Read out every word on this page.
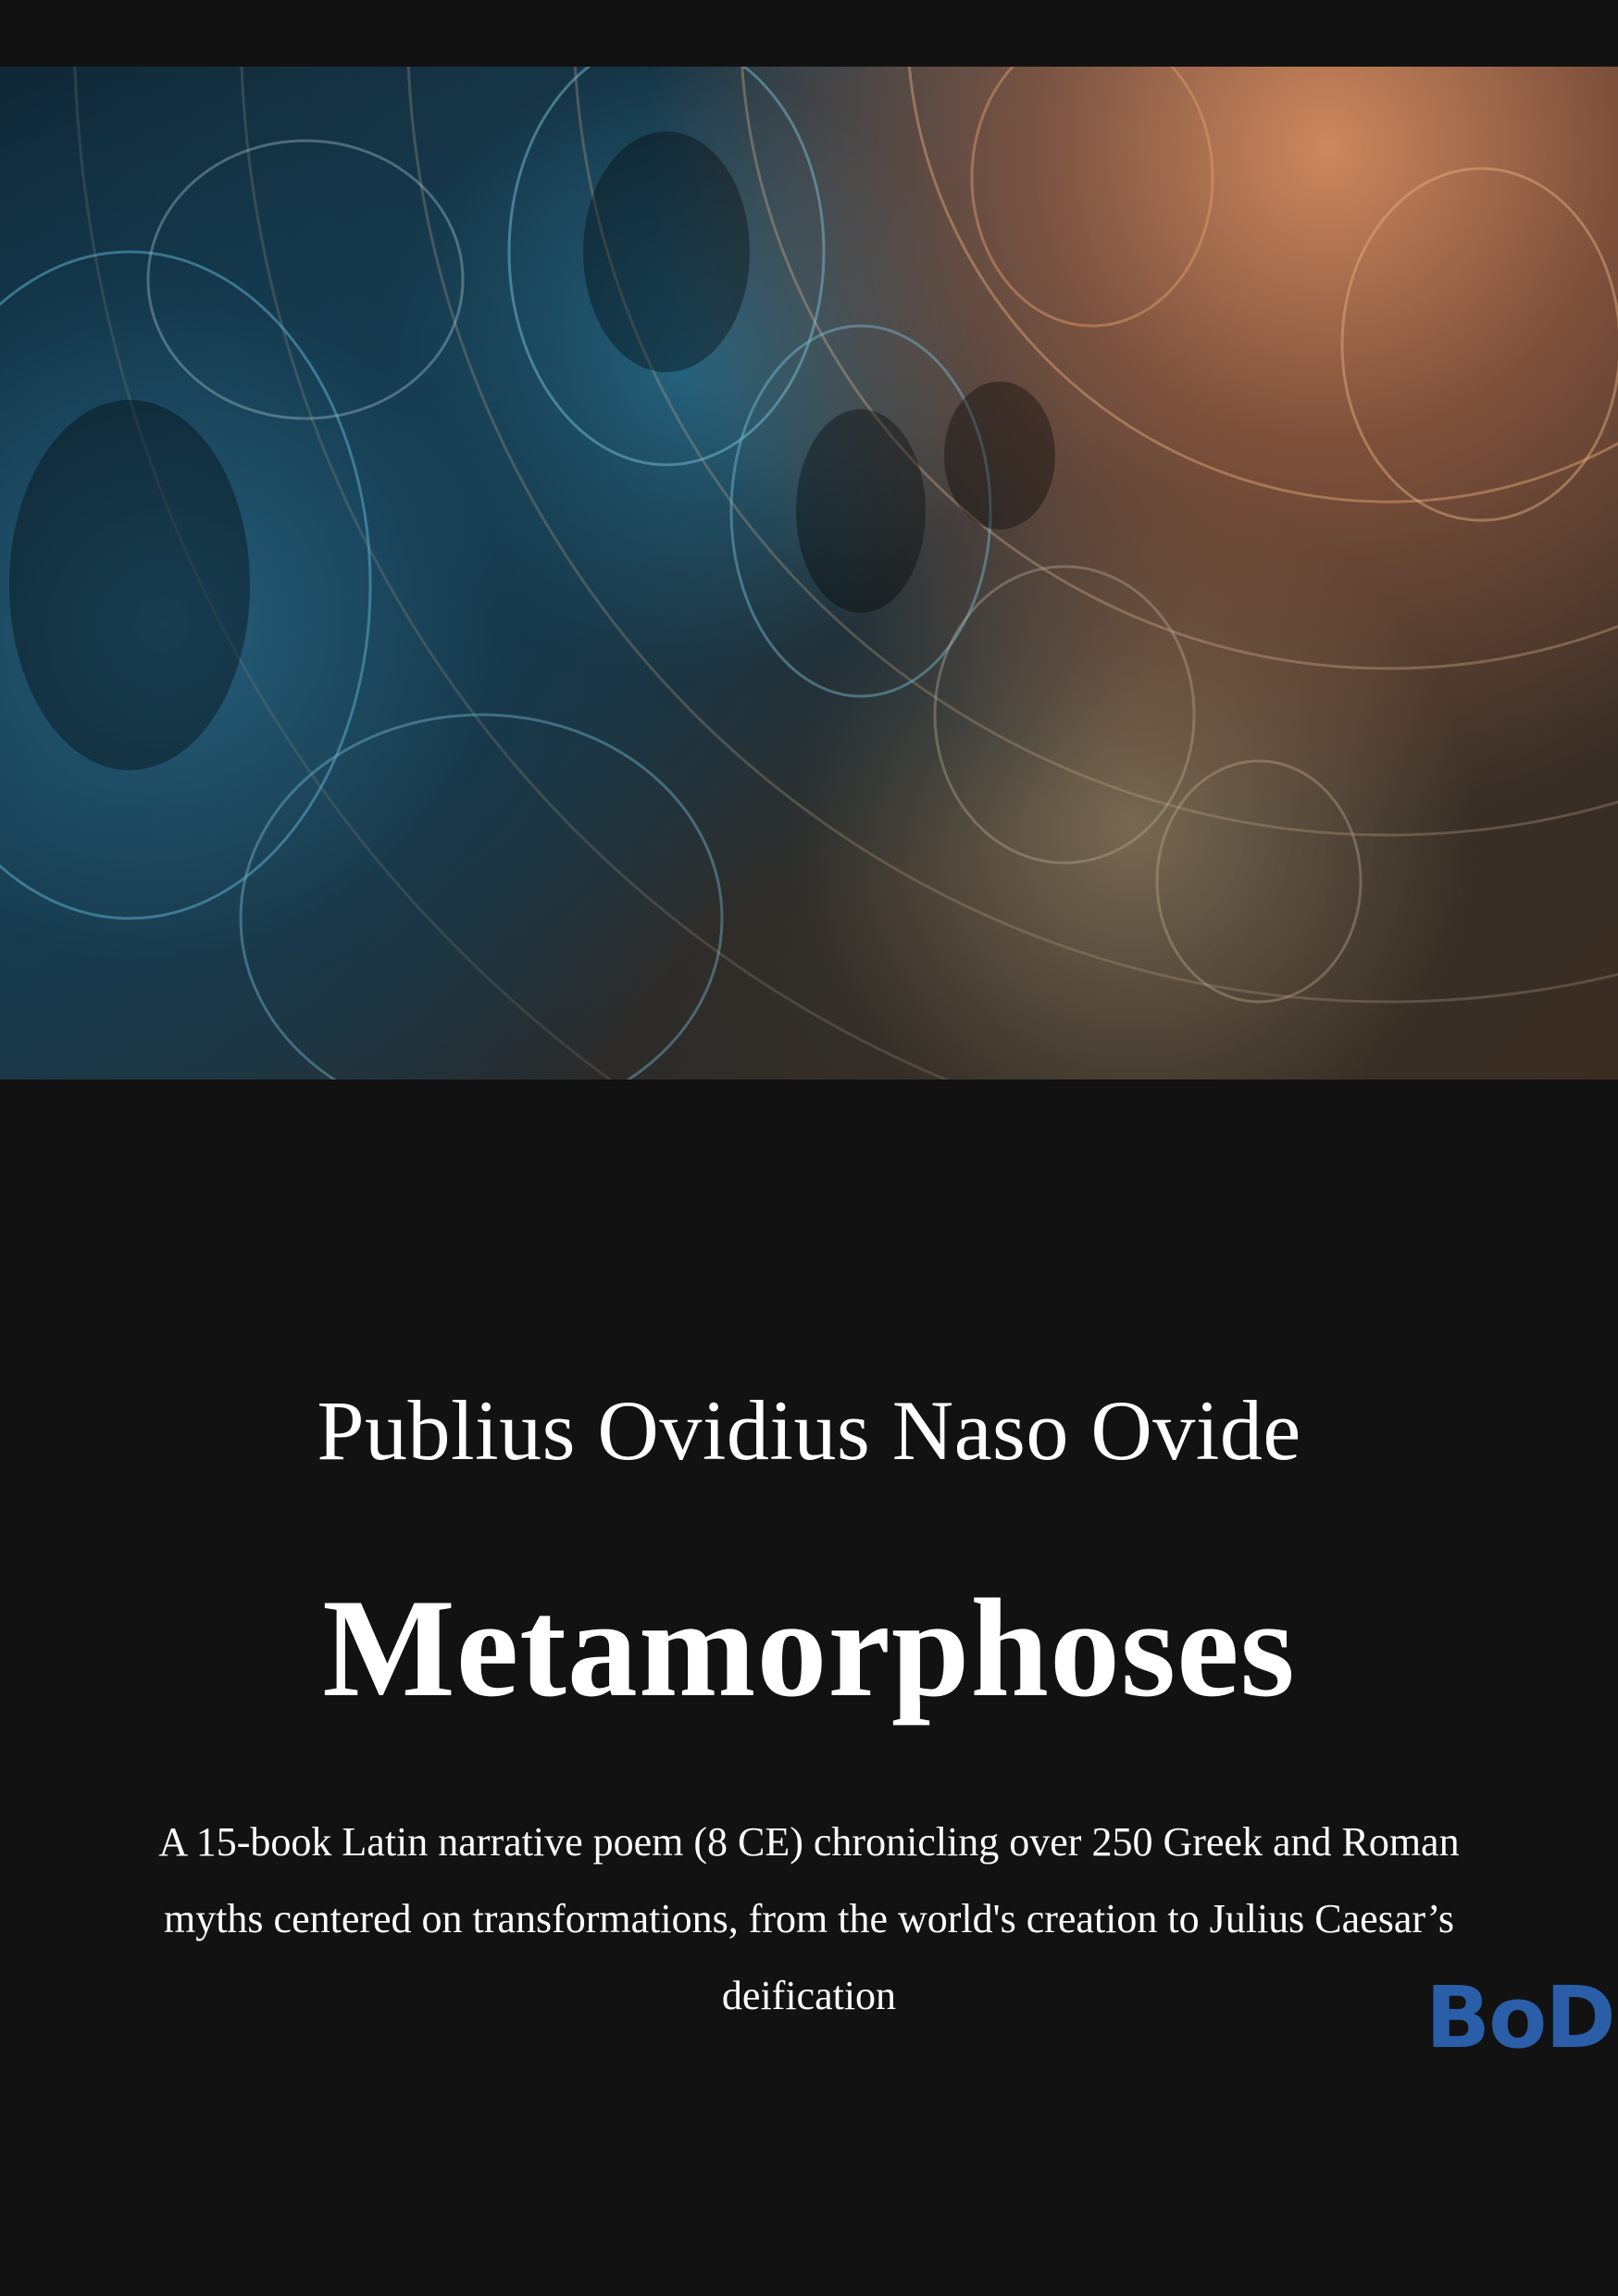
Publius Ovidius Naso Ovide
Metamorphoses
A 15-book Latin narrative poem (8 CE) chronicling over 250 Greek and Roman myths centered on transformations, from the world's creation to Julius Caesar’s deification	BoD
